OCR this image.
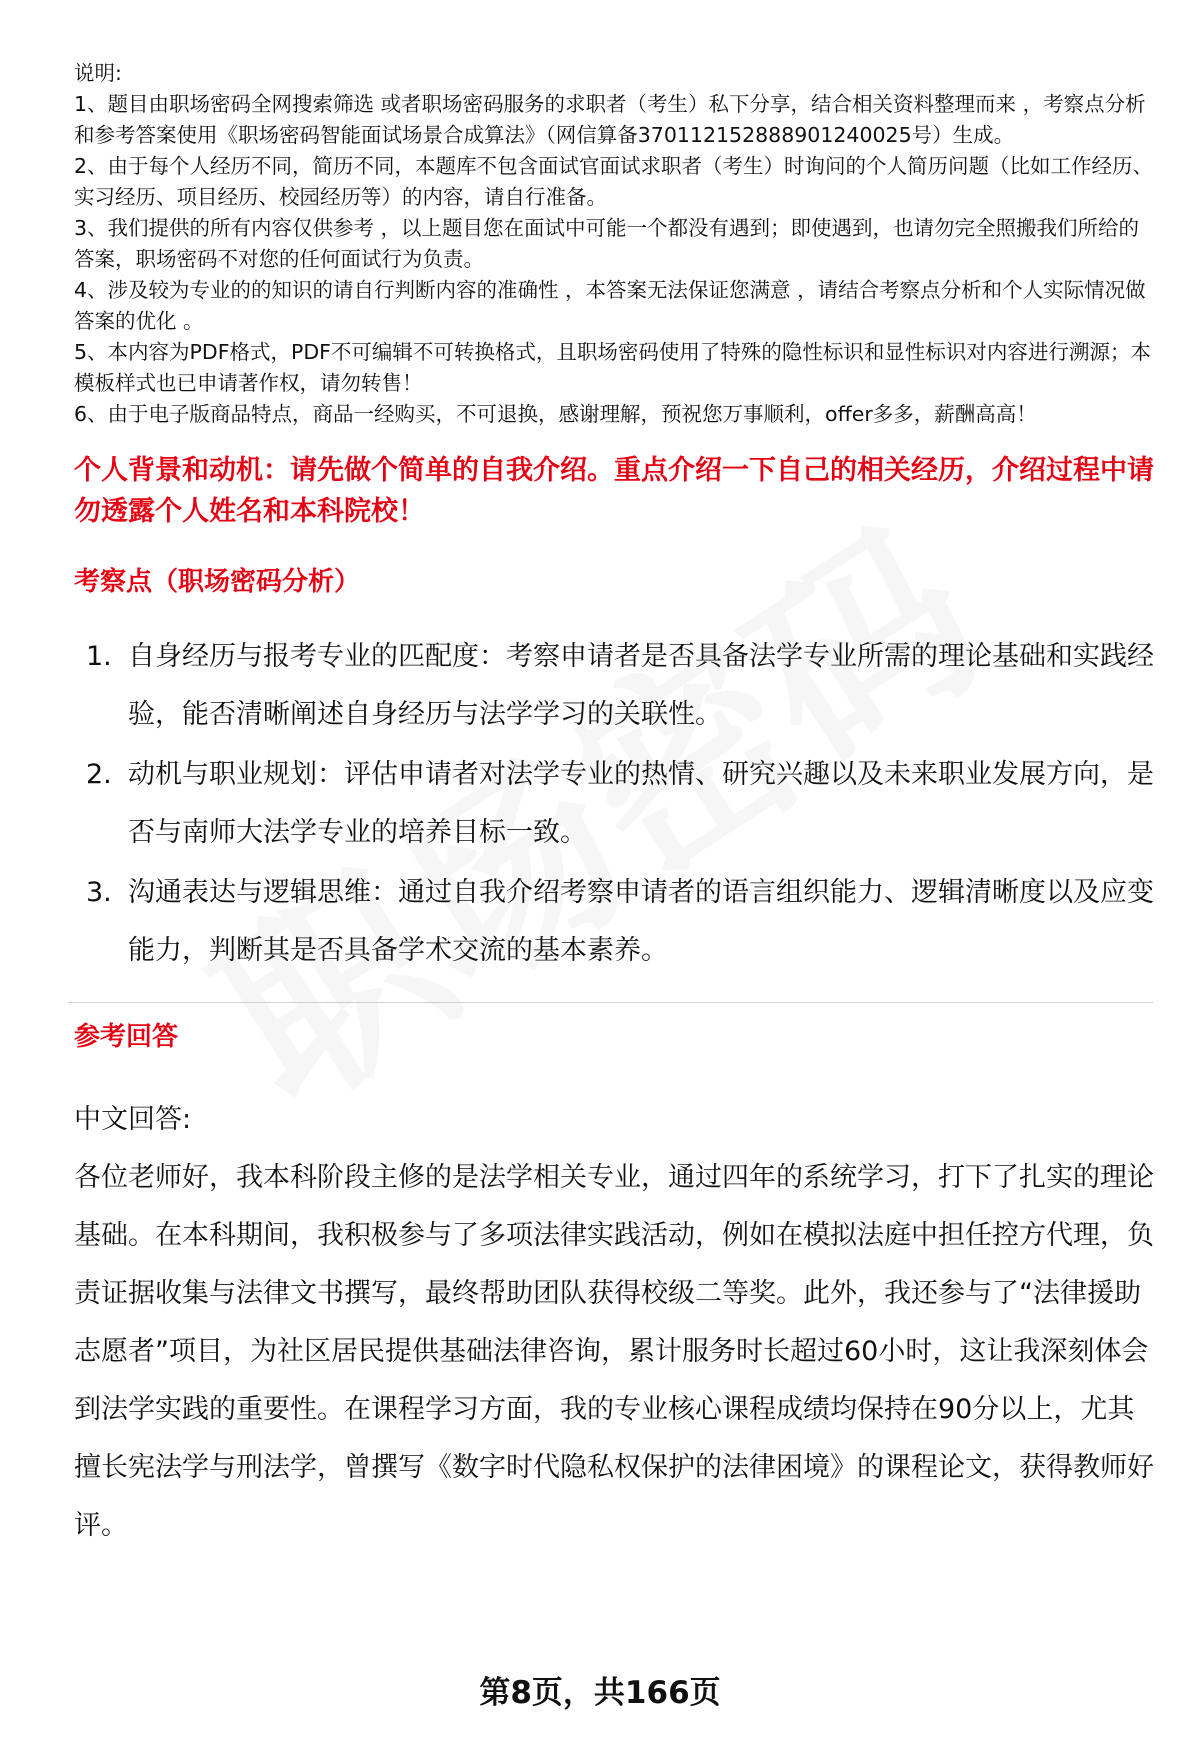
说明:

1、题目由职场密码全网搜索筛选 或者职场密码服务的求职者（考生）私下分享，结合相关资料整理而来 ，考察点分析和参考答案使用《职场密码智能面试场景合成算法》（网信算备370112152888901240025号）生成。

2、由于每个人经历不同，简历不同，本题库不包含面试官面试求职者（考生）时询问的个人简历问题（比如工作经历、实习经历、项目经历、校园经历等）的内容，请自行准备。

3、我们提供的所有内容仅供参考 ，以上题目您在面试中可能一个都没有遇到；即使遇到，也请勿完全照搬我们所给的答案，职场密码不对您的任何面试行为负责。

4、涉及较为专业的的知识的请自行判断内容的准确性 ，本答案无法保证您满意 ，请结合考察点分析和个人实际情况做答案的优化 。

5、本内容为PDF格式，PDF不可编辑不可转换格式，且职场密码使用了特殊的隐性标识和显性标识对内容进行溯源；本模板样式也已申请著作权，请勿转售！

6、由于电子版商品特点，商品一经购买，不可退换，感谢理解，预祝您万事顺利，offer多多，薪酬高高！

个人背景和动机：请先做个简单的自我介绍。重点介绍一下自己的相关经历，介绍过程中请勿透露个人姓名和本科院校！
考察点（职场密码分析）
1. 自身经历与报考专业的匹配度：考察申请者是否具备法学专业所需的理论基础和实践经验，能否清晰阐述自身经历与法学学习的关联性。
2. 动机与职业规划：评估申请者对法学专业的热情、研究兴趣以及未来职业发展方向，是否与南师大法学专业的培养目标一致。
3. 沟通表达与逻辑思维：通过自我介绍考察申请者的语言组织能力、逻辑清晰度以及应变能力，判断其是否具备学术交流的基本素养。
参考回答

中文回答:

各位老师好，我本科阶段主修的是法学相关专业，通过四年的系统学习，打下了扎实的理论基础。在本科期间，我积极参与了多项法律实践活动，例如在模拟法庭中担任控方代理，负责证据收集与法律文书撰写，最终帮助团队获得校级二等奖。此外，我还参与了“法律援助志愿者”项目，为社区居民提供基础法律咨询，累计服务时长超过60小时，这让我深刻体会到法学实践的重要性。在课程学习方面，我的专业核心课程成绩均保持在90分以上，尤其擅长宪法学与刑法学，曾撰写《数字时代隐私权保护的法律困境》的课程论文，获得教师好评。

第8页，共166页
